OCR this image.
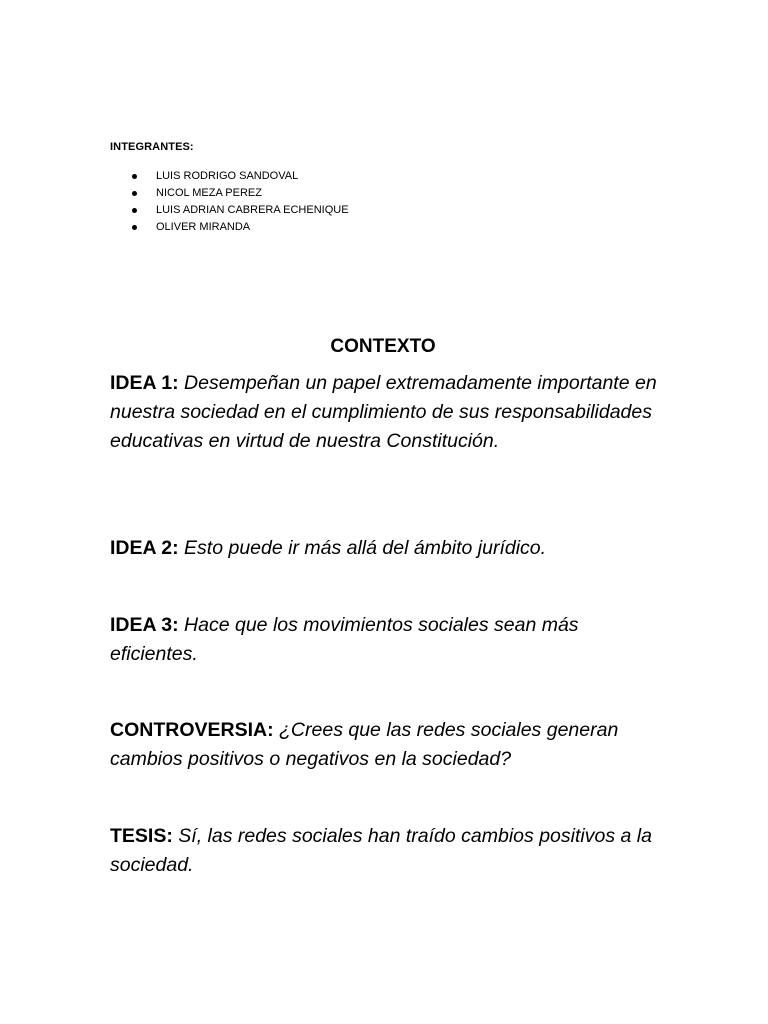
INTEGRANTES:
LUIS RODRIGO SANDOVAL
NICOL MEZA PEREZ
LUIS ADRIAN CABRERA ECHENIQUE
OLIVER MIRANDA
CONTEXTO
IDEA 1: Desempeñan un papel extremadamente importante en nuestra sociedad en el cumplimiento de sus responsabilidades educativas en virtud de nuestra Constitución.
IDEA 2: Esto puede ir más allá del ámbito jurídico.
IDEA 3: Hace que los movimientos sociales sean más eficientes.
CONTROVERSIA: ¿Crees que las redes sociales generan cambios positivos o negativos en la sociedad?
TESIS: Sí, las redes sociales han traído cambios positivos a la sociedad.
